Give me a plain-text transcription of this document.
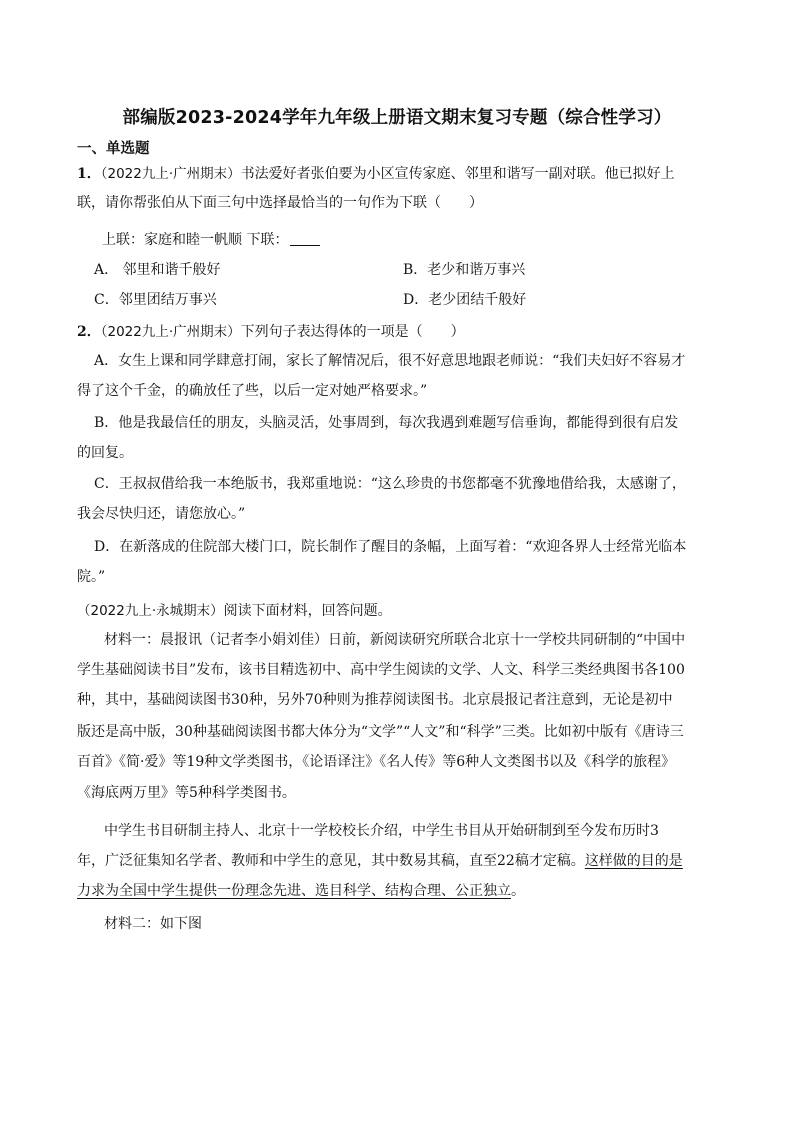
部编版2023-2024学年九年级上册语文期末复习专题（综合性学习）
一、单选题
1．（2022九上·广州期末）书法爱好者张伯要为小区宣传家庭、邻里和谐写一副对联。他已拟好上
联，请你帮张伯从下面三句中选择最恰当的一句作为下联（　　）
上联：家庭和睦一帆顺 下联：
A． 邻里和谐千般好	B．老少和谐万事兴
C．邻里团结万事兴	D．老少团结千般好
2．（2022九上·广州期末）下列句子表达得体的一项是（　　）
A．女生上课和同学肆意打闹，家长了解情况后，很不好意思地跟老师说：“我们夫妇好不容易才
得了这个千金，的确放任了些，以后一定对她严格要求。”
B．他是我最信任的朋友，头脑灵活，处事周到，每次我遇到难题写信垂询，都能得到很有启发
的回复。
C．王叔叔借给我一本绝版书，我郑重地说：“这么珍贵的书您都毫不犹豫地借给我，太感谢了，
我会尽快归还，请您放心。”
D．在新落成的住院部大楼门口，院长制作了醒目的条幅，上面写着：“欢迎各界人士经常光临本
院。”
（2022九上·永城期末）阅读下面材料，回答问题。
材料一：晨报讯（记者李小娟刘佳）日前，新阅读研究所联合北京十一学校共同研制的“中国中
学生基础阅读书目”发布，该书目精选初中、高中学生阅读的文学、人文、科学三类经典图书各100
种，其中，基础阅读图书30种，另外70种则为推荐阅读图书。北京晨报记者注意到，无论是初中
版还是高中版，30种基础阅读图书都大体分为“文学”“人文”和“科学”三类。比如初中版有《唐诗三
百首》《简·爱》等19种文学类图书，《论语译注》《名人传》等6种人文类图书以及《科学的旅程》
《海底两万里》等5种科学类图书。
中学生书目研制主持人、北京十一学校校长介绍，中学生书目从开始研制到至今发布历时3
年，广泛征集知名学者、教师和中学生的意见，其中数易其稿，直至22稿才定稿。这样做的目的是
力求为全国中学生提供一份理念先进、选目科学、结构合理、公正独立。
材料二：如下图
